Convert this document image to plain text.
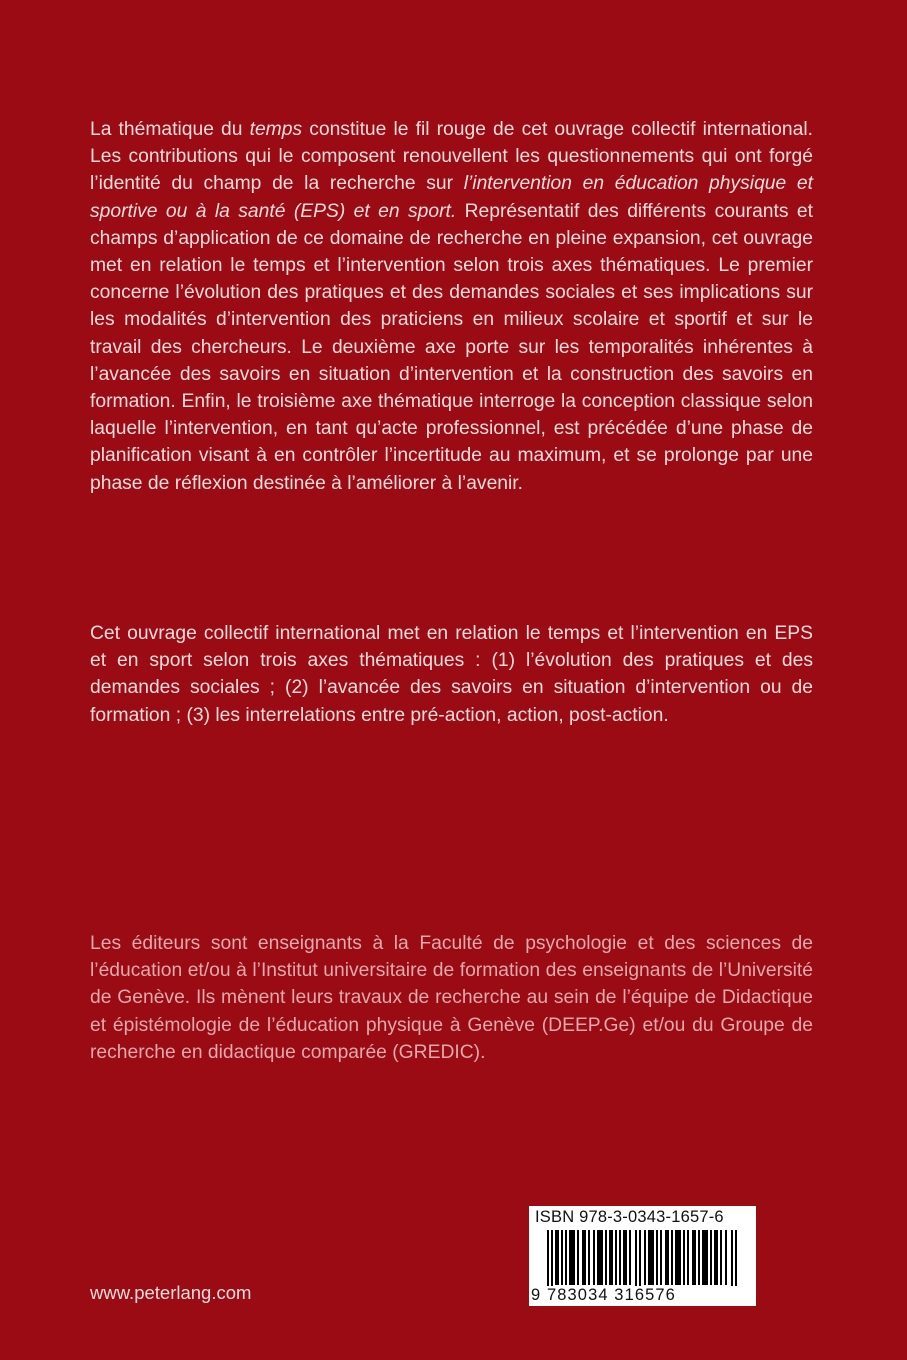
La thématique du temps constitue le fil rouge de cet ouvrage collectif international. Les contributions qui le composent renouvellent les questionnements qui ont forgé l’identité du champ de la recherche sur l’intervention en éducation physique et sportive ou à la santé (EPS) et en sport. Représentatif des différents courants et champs d’application de ce domaine de recherche en pleine expansion, cet ouvrage met en relation le temps et l’intervention selon trois axes thématiques. Le premier concerne l’évolution des pratiques et des demandes sociales et ses implications sur les modalités d’intervention des praticiens en milieux scolaire et sportif et sur le travail des chercheurs. Le deuxième axe porte sur les temporalités inhérentes à l’avancée des savoirs en situation d’intervention et la construction des savoirs en formation. Enfin, le troisième axe thématique interroge la conception classique selon laquelle l’intervention, en tant qu’acte professionnel, est précédée d’une phase de planification visant à en contrôler l’incertitude au maximum, et se prolonge par une phase de réflexion destinée à l’améliorer à l’avenir.

Cet ouvrage collectif international met en relation le temps et l’intervention en EPS et en sport selon trois axes thématiques : (1) l’évolution des pratiques et des demandes sociales ; (2) l’avancée des savoirs en situation d’intervention ou de formation ; (3) les interrelations entre pré-action, action, post-action.

Les éditeurs sont enseignants à la Faculté de psychologie et des sciences de l’éducation et/ou à l’Institut universitaire de formation des enseignants de l’Université de Genève. Ils mènent leurs travaux de recherche au sein de l’équipe de Didactique et épistémologie de l’éducation physique à Genève (DEEP.Ge) et/ou du Groupe de recherche en didactique comparée (GREDIC).

ISBN 978-3-0343-1657-6
9 783034 316576
www.peterlang.com
